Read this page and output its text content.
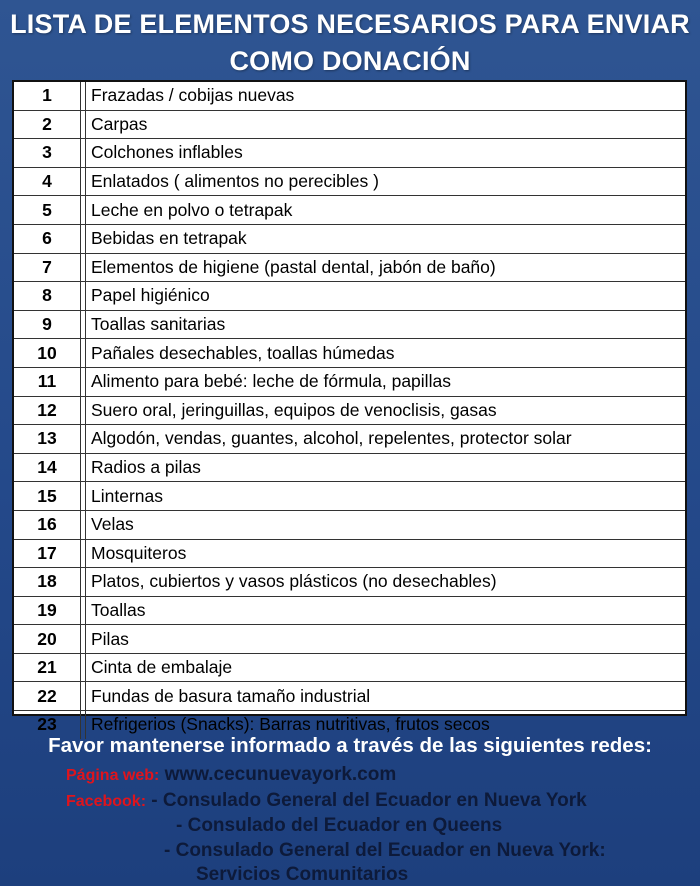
LISTA DE ELEMENTOS NECESARIOS PARA ENVIAR
COMO DONACIÓN
1		Frazadas / cobijas nuevas
2		Carpas
3		Colchones inflables
4		Enlatados ( alimentos no perecibles )
5		Leche en polvo o tetrapak
6		Bebidas en tetrapak
7		Elementos de higiene (pastal dental, jabón de baño)
8		Papel higiénico
9		Toallas sanitarias
10		Pañales desechables, toallas húmedas
11		Alimento para bebé: leche de fórmula, papillas
12		Suero oral, jeringuillas, equipos de venoclisis, gasas
13		Algodón, vendas, guantes, alcohol, repelentes, protector solar
14		Radios a pilas
15		Linternas
16		Velas
17		Mosquiteros
18		Platos, cubiertos y vasos plásticos (no desechables)
19		Toallas
20		Pilas
21		Cinta de embalaje
22		Fundas de basura tamaño industrial
23		Refrigerios (Snacks): Barras nutritivas, frutos secos
Favor mantenerse informado a través de las siguientes redes:
Página web: www.cecunuevayork.com
Facebook: - Consulado General del Ecuador en Nueva York
- Consulado del Ecuador en Queens
- Consulado General del Ecuador en Nueva York:
Servicios Comunitarios
